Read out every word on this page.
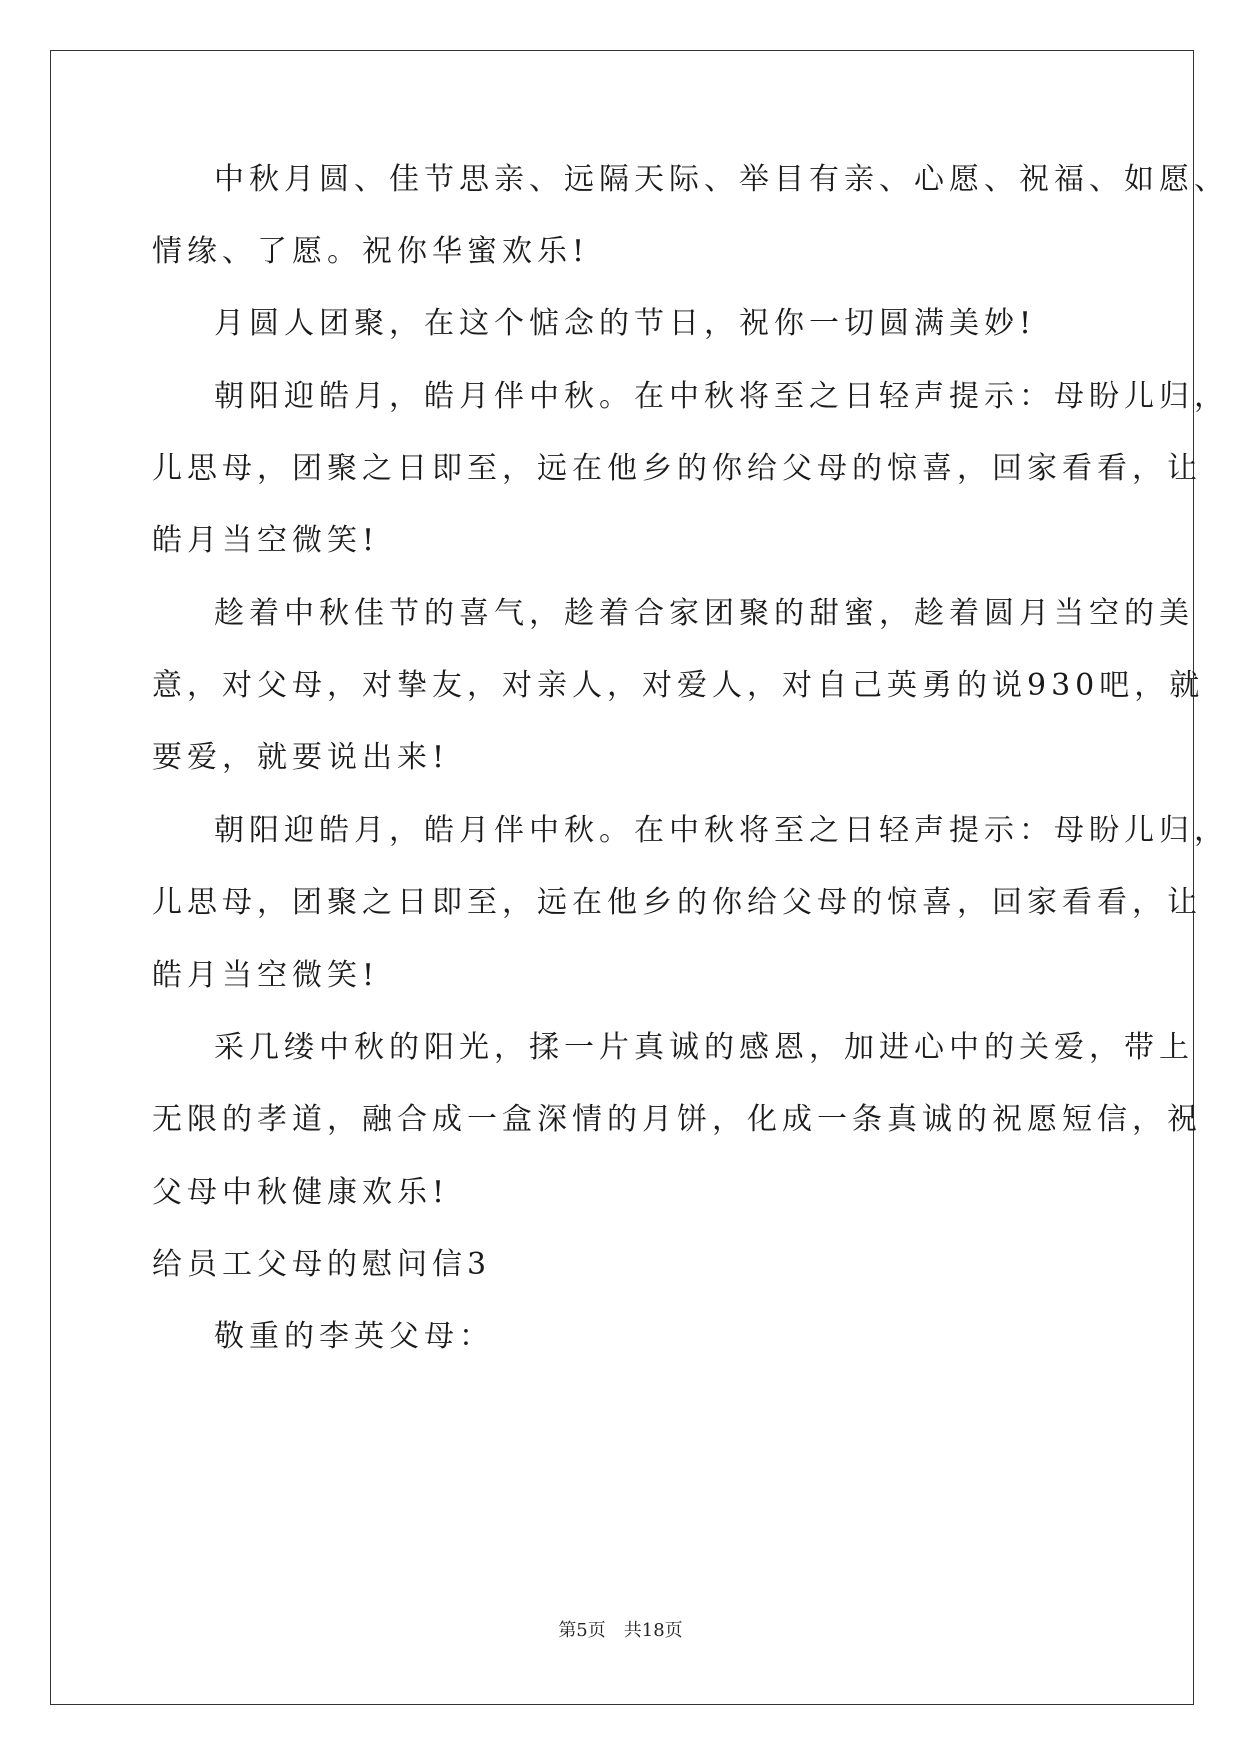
中秋月圆、佳节思亲、远隔天际、举目有亲、心愿、祝福、如愿、
情缘、了愿。祝你华蜜欢乐!
月圆人团聚，在这个惦念的节日，祝你一切圆满美妙!
朝阳迎皓月，皓月伴中秋。在中秋将至之日轻声提示：母盼儿归，
儿思母，团聚之日即至，远在他乡的你给父母的惊喜，回家看看，让
皓月当空微笑!
趁着中秋佳节的喜气，趁着合家团聚的甜蜜，趁着圆月当空的美
意，对父母，对挚友，对亲人，对爱人，对自己英勇的说930吧，就
要爱，就要说出来!
朝阳迎皓月，皓月伴中秋。在中秋将至之日轻声提示：母盼儿归，
儿思母，团聚之日即至，远在他乡的你给父母的惊喜，回家看看，让
皓月当空微笑!
采几缕中秋的阳光，揉一片真诚的感恩，加进心中的关爱，带上
无限的孝道，融合成一盒深情的月饼，化成一条真诚的祝愿短信，祝
父母中秋健康欢乐!
给员工父母的慰问信3
敬重的李英父母：
第5页 共18页
